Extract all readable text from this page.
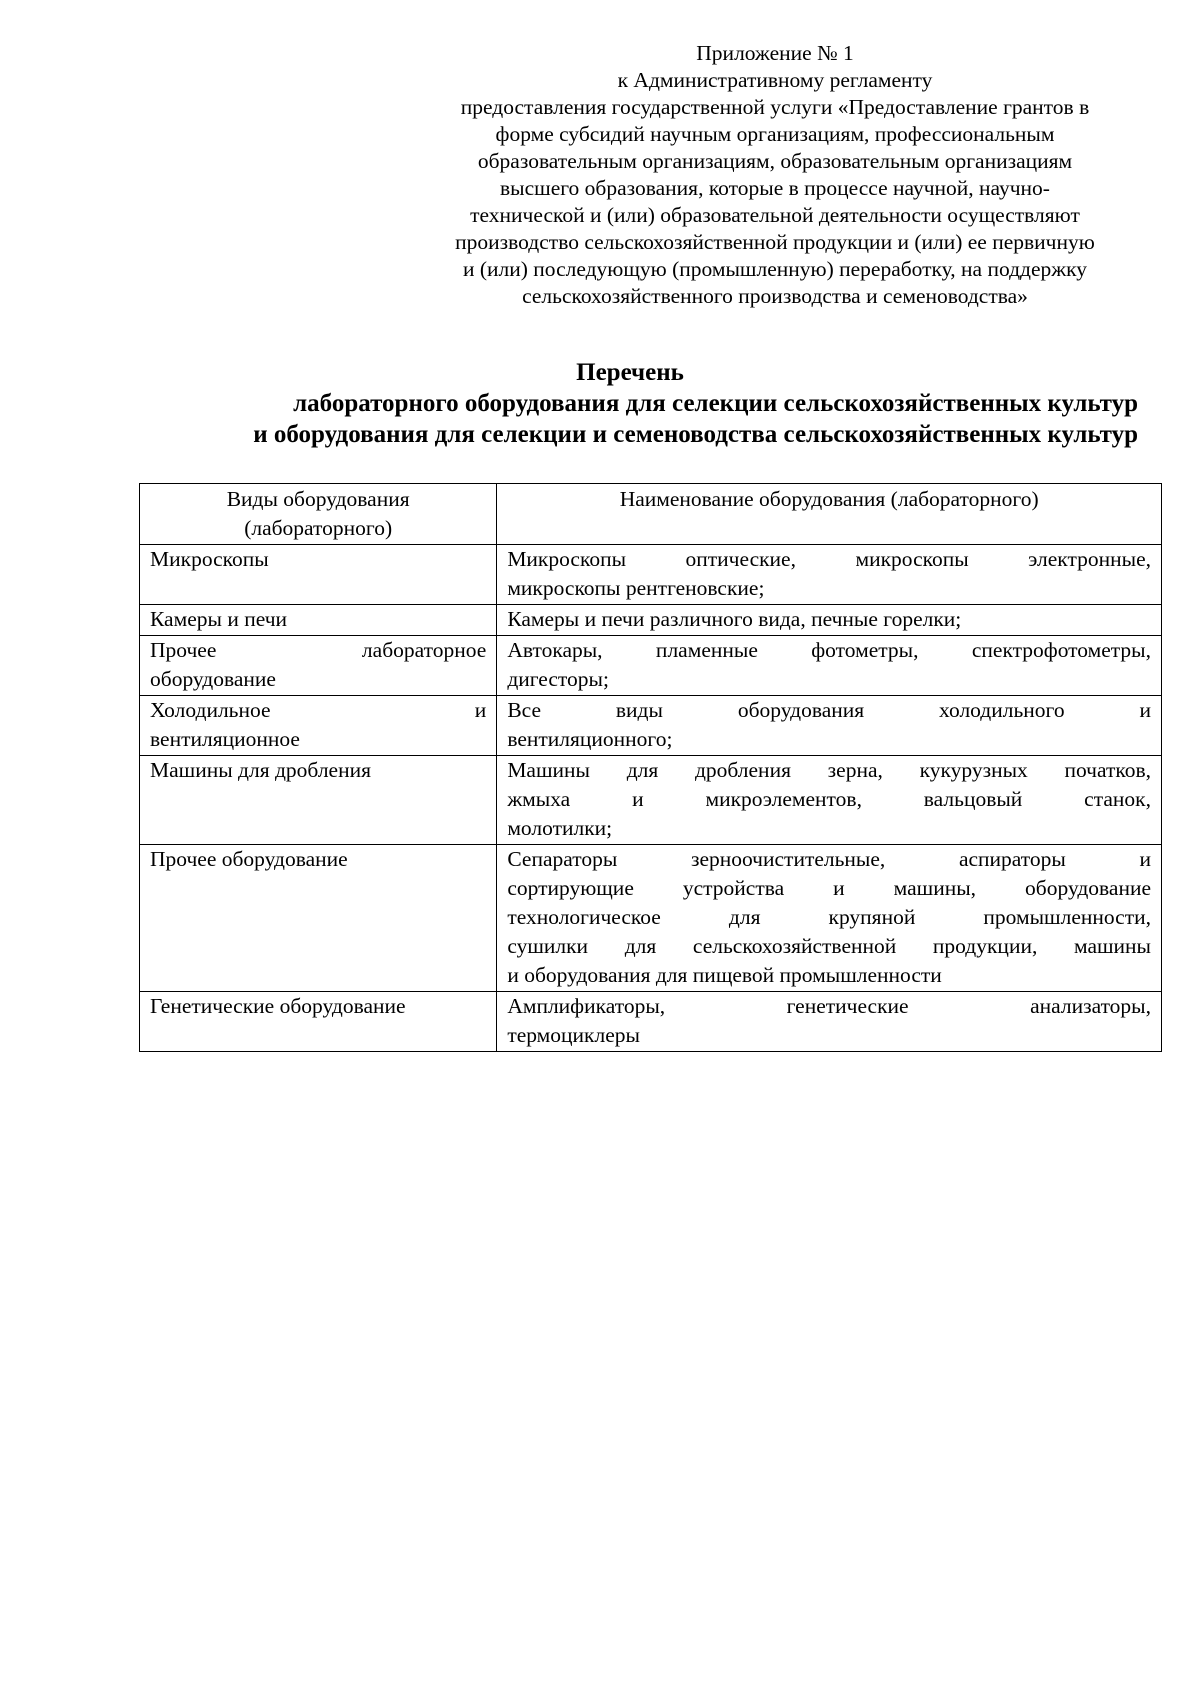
Приложение № 1
к Административному регламенту
предоставления государственной услуги «Предоставление грантов в
форме субсидий научным организациям, профессиональным
образовательным организациям, образовательным организациям
высшего образования, которые в процессе научной, научно-
технической и (или) образовательной деятельности осуществляют
производство сельскохозяйственной продукции и (или) ее первичную
и (или) последующую (промышленную) переработку, на поддержку
сельскохозяйственного производства и семеноводства»
Перечень
лабораторного оборудования для селекции сельскохозяйственных культур
и оборудования для селекции и семеноводства сельскохозяйственных культур
Виды оборудования
(лабораторного)	Наименование оборудования (лабораторного)

Микроскопы	Микроскопы оптические, микроскопы электронные,
микроскопы рентгеновские;

Камеры и печи	Камеры и печи различного вида, печные горелки;

Прочее лабораторное
оборудование	Автокары, пламенные фотометры, спектрофотометры,
дигесторы;

Холодильное и
вентиляционное	Все виды оборудования холодильного и
вентиляционного;

Машины для дробления	Машины для дробления зерна, кукурузных початков,
жмыха и микроэлементов, вальцовый станок,
молотилки;

Прочее оборудование	Сепараторы зерноочистительные, аспираторы и
сортирующие устройства и машины, оборудование
технологическое для крупяной промышленности,
сушилки для сельскохозяйственной продукции, машины
и оборудования для пищевой промышленности

Генетические оборудование	Амплификаторы, генетические анализаторы,
термоциклеры
